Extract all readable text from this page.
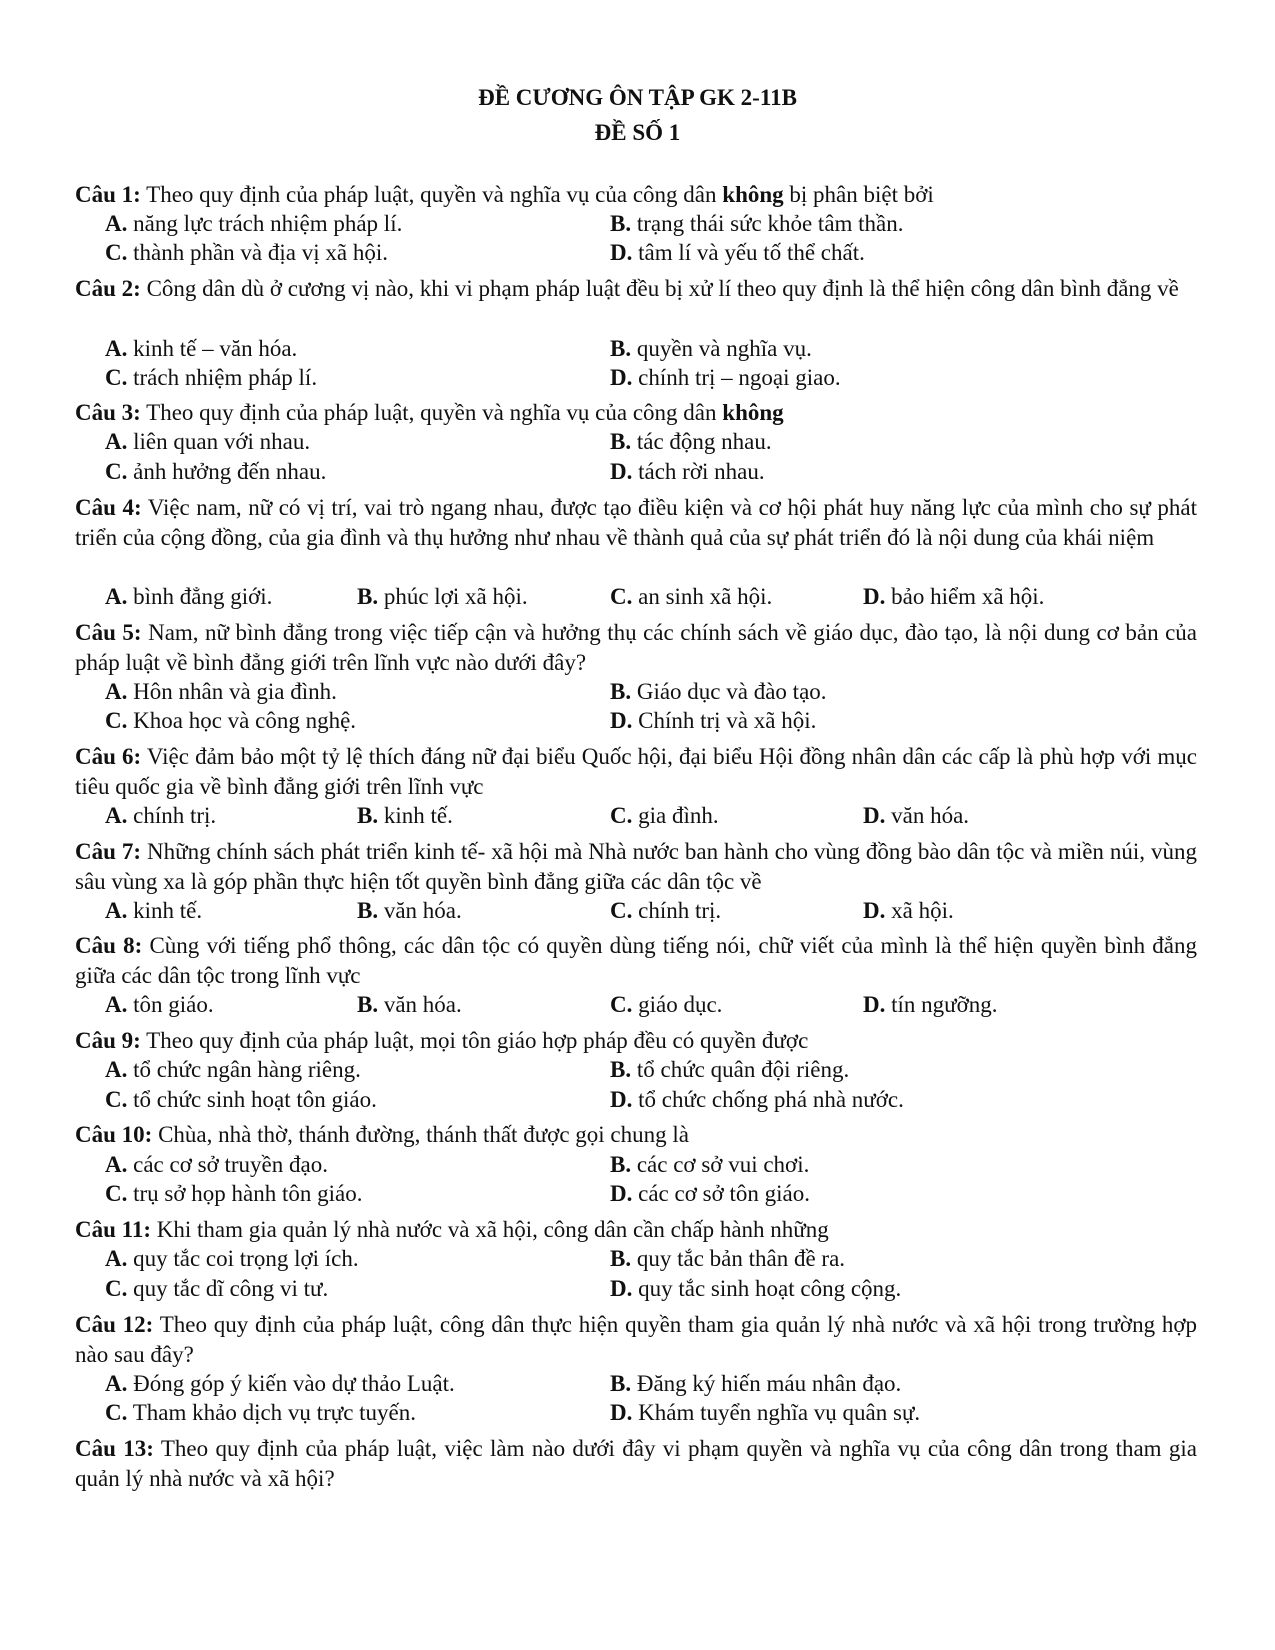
ĐỀ CƯƠNG ÔN TẬP GK 2-11B
ĐỀ SỐ 1
Câu 1: Theo quy định của pháp luật, quyền và nghĩa vụ của công dân không bị phân biệt bởi
A. năng lực trách nhiệm pháp lí.	B. trạng thái sức khỏe tâm thần.
C. thành phần và địa vị xã hội.	D. tâm lí và yếu tố thể chất.
Câu 2: Công dân dù ở cương vị nào, khi vi phạm pháp luật đều bị xử lí theo quy định là thể hiện công dân bình đẳng về
A. kinh tế – văn hóa.	B. quyền và nghĩa vụ.
C. trách nhiệm pháp lí.	D. chính trị – ngoại giao.
Câu 3: Theo quy định của pháp luật, quyền và nghĩa vụ của công dân không
A. liên quan với nhau.	B. tác động nhau.
C. ảnh hưởng đến nhau.	D. tách rời nhau.
Câu 4: Việc nam, nữ có vị trí, vai trò ngang nhau, được tạo điều kiện và cơ hội phát huy năng lực của mình cho sự phát triển của cộng đồng, của gia đình và thụ hưởng như nhau về thành quả của sự phát triển đó là nội dung của khái niệm
A. bình đẳng giới.	B. phúc lợi xã hội.	C. an sinh xã hội.	D. bảo hiểm xã hội.
Câu 5: Nam, nữ bình đẳng trong việc tiếp cận và hưởng thụ các chính sách về giáo dục, đào tạo, là nội dung cơ bản của pháp luật về bình đẳng giới trên lĩnh vực nào dưới đây?
A. Hôn nhân và gia đình.	B. Giáo dục và đào tạo.
C. Khoa học và công nghệ.	D. Chính trị và xã hội.
Câu 6: Việc đảm bảo một tỷ lệ thích đáng nữ đại biểu Quốc hội, đại biểu Hội đồng nhân dân các cấp là phù hợp với mục tiêu quốc gia về bình đẳng giới trên lĩnh vực
A. chính trị.	B. kinh tế.	C. gia đình.	D. văn hóa.
Câu 7: Những chính sách phát triển kinh tế- xã hội mà Nhà nước ban hành cho vùng đồng bào dân tộc và miền núi, vùng sâu vùng xa là góp phần thực hiện tốt quyền bình đẳng giữa các dân tộc về
A. kinh tế.	B. văn hóa.	C. chính trị.	D. xã hội.
Câu 8: Cùng với tiếng phổ thông, các dân tộc có quyền dùng tiếng nói, chữ viết của mình là thể hiện quyền bình đẳng giữa các dân tộc trong lĩnh vực
A. tôn giáo.	B. văn hóa.	C. giáo dục.	D. tín ngưỡng.
Câu 9: Theo quy định của pháp luật, mọi tôn giáo hợp pháp đều có quyền được
A. tổ chức ngân hàng riêng.	B. tổ chức quân đội riêng.
C. tổ chức sinh hoạt tôn giáo.	D. tổ chức chống phá nhà nước.
Câu 10: Chùa, nhà thờ, thánh đường, thánh thất được gọi chung là
A. các cơ sở truyền đạo.	B. các cơ sở vui chơi.
C. trụ sở họp hành tôn giáo.	D. các cơ sở tôn giáo.
Câu 11: Khi tham gia quản lý nhà nước và xã hội, công dân cần chấp hành những
A. quy tắc coi trọng lợi ích.	B. quy tắc bản thân đề ra.
C. quy tắc dĩ công vi tư.	D. quy tắc sinh hoạt công cộng.
Câu 12: Theo quy định của pháp luật, công dân thực hiện quyền tham gia quản lý nhà nước và xã hội trong trường hợp nào sau đây?
A. Đóng góp ý kiến vào dự thảo Luật.	B. Đăng ký hiến máu nhân đạo.
C. Tham khảo dịch vụ trực tuyến.	D. Khám tuyển nghĩa vụ quân sự.
Câu 13: Theo quy định của pháp luật, việc làm nào dưới đây vi phạm quyền và nghĩa vụ của công dân trong tham gia quản lý nhà nước và xã hội?
